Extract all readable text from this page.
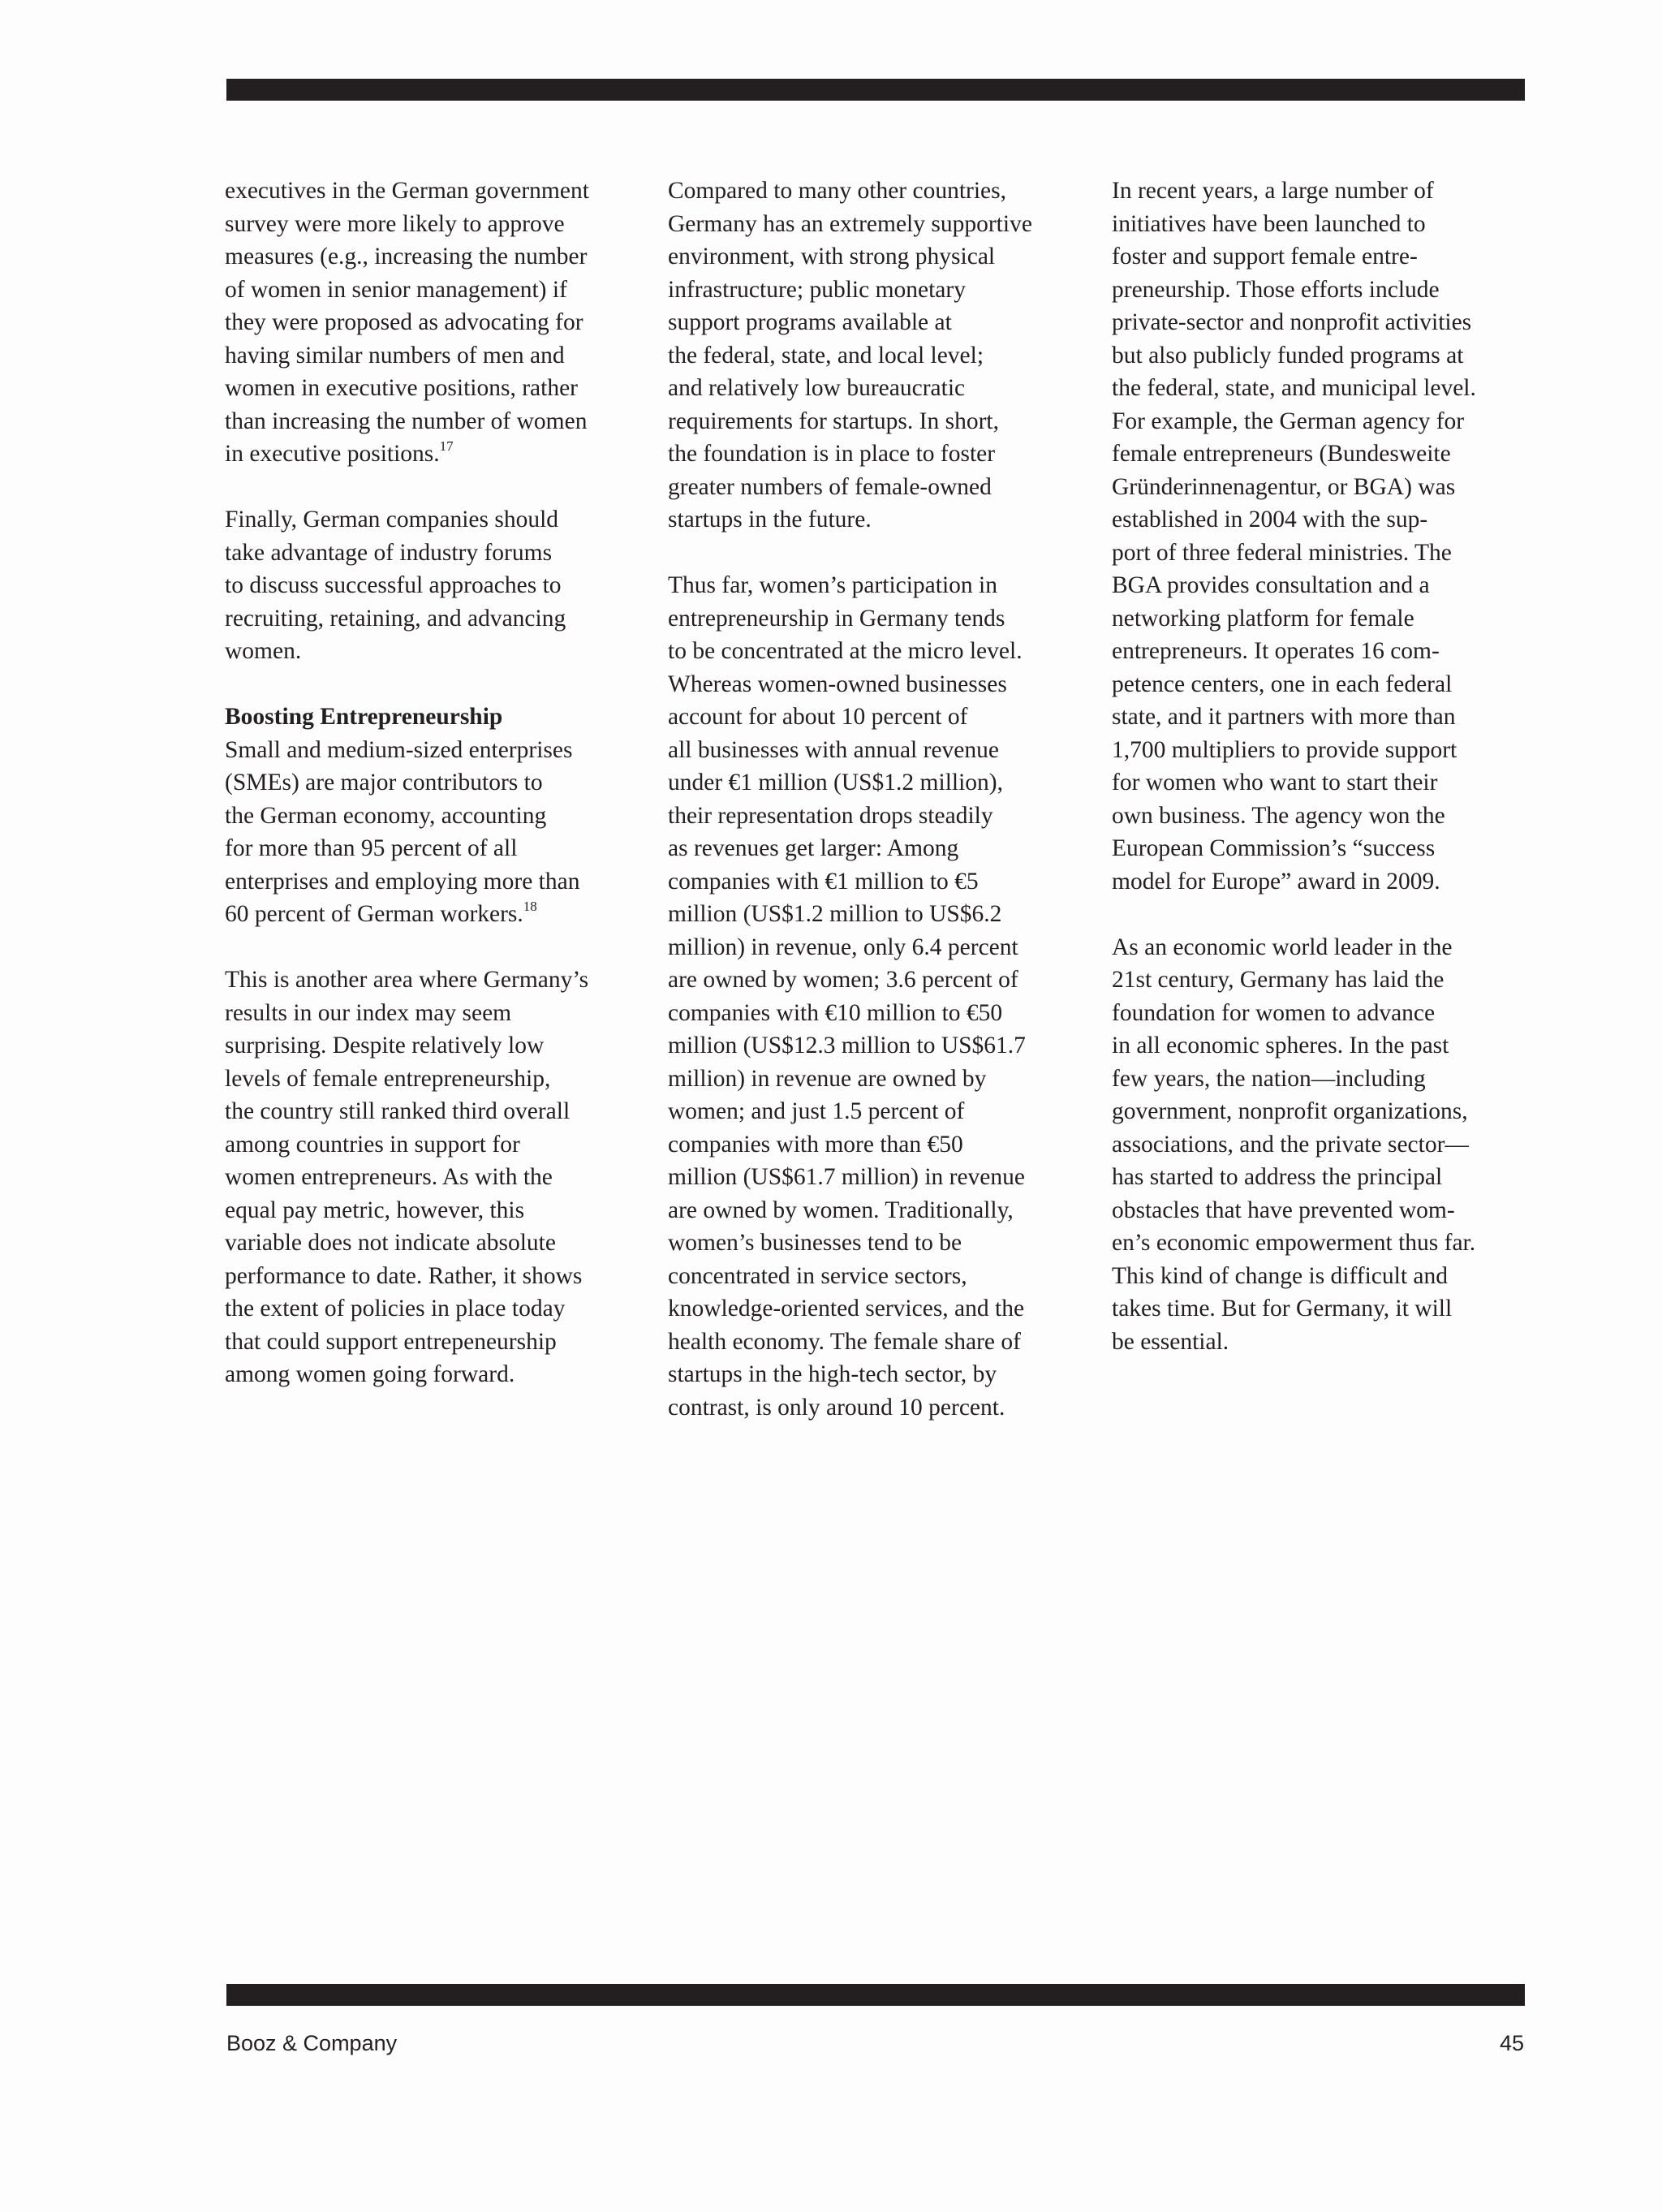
executives in the German government
survey were more likely to approve
measures (e.g., increasing the number
of women in senior management) if
they were proposed as advocating for
having similar numbers of men and
women in executive positions, rather
than increasing the number of women
in executive positions.$^{17}$

Finally, German companies should
take advantage of industry forums
to discuss successful approaches to
recruiting, retaining, and advancing
women.

Boosting Entrepreneurship

Small and medium-sized enterprises
(SMEs) are major contributors to
the German economy, accounting
for more than 95 percent of all
enterprises and employing more than
60 percent of German workers.$^{18}$

This is another area where Germany’s
results in our index may seem
surprising. Despite relatively low
levels of female entrepreneurship,
the country still ranked third overall
among countries in support for
women entrepreneurs. As with the
equal pay metric, however, this
variable does not indicate absolute
performance to date. Rather, it shows
the extent of policies in place today
that could support entrepeneurship
among women going forward.

Compared to many other countries,
Germany has an extremely supportive
environment, with strong physical
infrastructure; public monetary
support programs available at
the federal, state, and local level;
and relatively low bureaucratic
requirements for startups. In short,
the foundation is in place to foster
greater numbers of female-owned
startups in the future.

Thus far, women’s participation in
entrepreneurship in Germany tends
to be concentrated at the micro level.
Whereas women-owned businesses
account for about 10 percent of
all businesses with annual revenue
under €1 million (US$1.2 million),
their representation drops steadily
as revenues get larger: Among
companies with €1 million to €5
million (US$1.2 million to US$6.2
million) in revenue, only 6.4 percent
are owned by women; 3.6 percent of
companies with €10 million to €50
million (US$12.3 million to US$61.7
million) in revenue are owned by
women; and just 1.5 percent of
companies with more than €50
million (US$61.7 million) in revenue
are owned by women. Traditionally,
women’s businesses tend to be
concentrated in service sectors,
knowledge-oriented services, and the
health economy. The female share of
startups in the high-tech sector, by
contrast, is only around 10 percent.

In recent years, a large number of
initiatives have been launched to
foster and support female entre-
preneurship. Those efforts include
private-sector and nonprofit activities
but also publicly funded programs at
the federal, state, and municipal level.
For example, the German agency for
female entrepreneurs (Bundesweite
Gründerinnenagentur, or BGA) was
established in 2004 with the sup-
port of three federal ministries. The
BGA provides consultation and a
networking platform for female
entrepreneurs. It operates 16 com-
petence centers, one in each federal
state, and it partners with more than
1,700 multipliers to provide support
for women who want to start their
own business. The agency won the
European Commission’s “success
model for Europe” award in 2009.

As an economic world leader in the
21st century, Germany has laid the
foundation for women to advance
in all economic spheres. In the past
few years, the nation—including
government, nonprofit organizations,
associations, and the private sector—
has started to address the principal
obstacles that have prevented wom-
en’s economic empowerment thus far.
This kind of change is difficult and
takes time. But for Germany, it will
be essential.

Booz & Company	45
